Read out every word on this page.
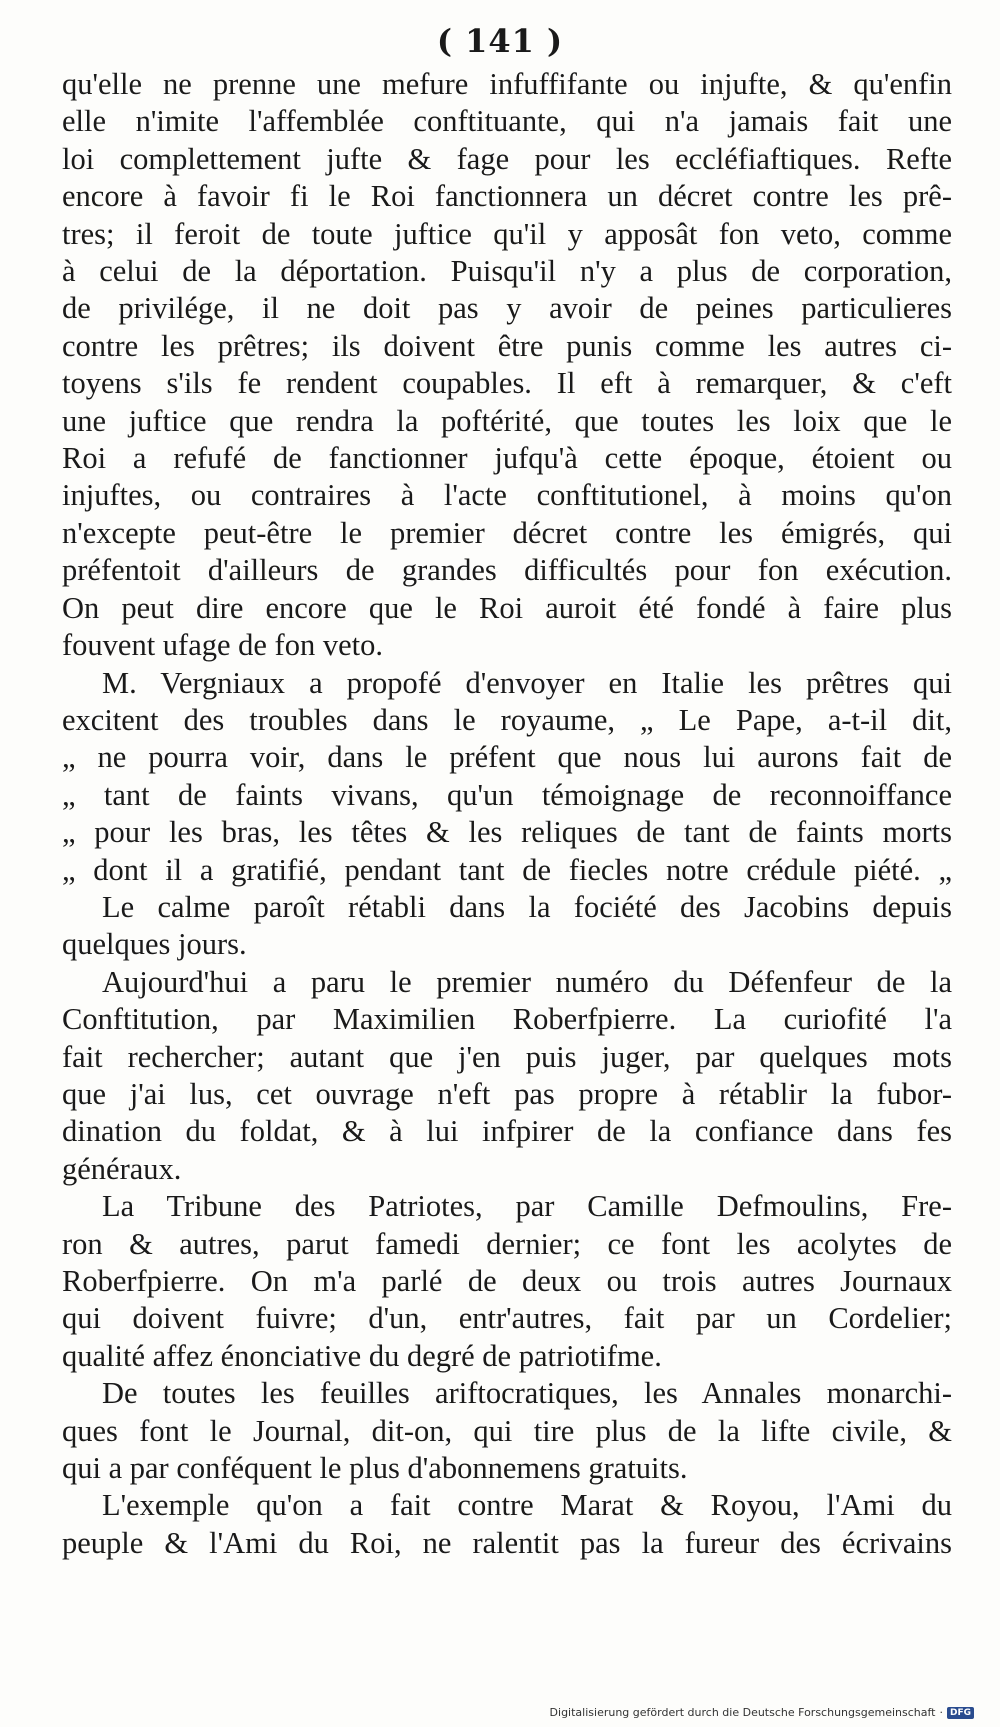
( 141 )
qu'elle ne prenne une mefure infuffifante ou injufte, & qu'enfin
elle n'imite l'affemblée conftituante, qui n'a jamais fait une
loi complettement jufte & fage pour les eccléfiaftiques. Refte
encore à favoir fi le Roi fanctionnera un décret contre les prê-
tres; il feroit de toute juftice qu'il y apposât fon veto, comme
à celui de la déportation. Puisqu'il n'y a plus de corporation,
de privilége, il ne doit pas y avoir de peines particulieres
contre les prêtres; ils doivent être punis comme les autres ci-
toyens s'ils fe rendent coupables. Il eft à remarquer, & c'eft
une juftice que rendra la poftérité, que toutes les loix que le
Roi a refufé de fanctionner jufqu'à cette époque, étoient ou
injuftes, ou contraires à l'acte conftitutionel, à moins qu'on
n'excepte peut-être le premier décret contre les émigrés, qui
préfentoit d'ailleurs de grandes difficultés pour fon exécution.
On peut dire encore que le Roi auroit été fondé à faire plus
fouvent ufage de fon veto.
M. Vergniaux a propofé d'envoyer en Italie les prêtres qui
excitent des troubles dans le royaume, „ Le Pape, a-t-il dit,
„ ne pourra voir, dans le préfent que nous lui aurons fait de
„ tant de faints vivans, qu'un témoignage de reconnoiffance
„ pour les bras, les têtes & les reliques de tant de faints morts
„ dont il a gratifié, pendant tant de fiecles notre crédule piété. „
Le calme paroît rétabli dans la fociété des Jacobins depuis
quelques jours.
Aujourd'hui a paru le premier numéro du Défenfeur de la
Conftitution, par Maximilien Roberfpierre. La curiofité l'a
fait rechercher; autant que j'en puis juger, par quelques mots
que j'ai lus, cet ouvrage n'eft pas propre à rétablir la fubor-
dination du foldat, & à lui infpirer de la confiance dans fes
généraux.
La Tribune des Patriotes, par Camille Defmoulins, Fre-
ron & autres, parut famedi dernier; ce font les acolytes de
Roberfpierre. On m'a parlé de deux ou trois autres Journaux
qui doivent fuivre; d'un, entr'autres, fait par un Cordelier;
qualité affez énonciative du degré de patriotifme.
De toutes les feuilles ariftocratiques, les Annales monarchi-
ques font le Journal, dit-on, qui tire plus de la lifte civile, &
qui a par conféquent le plus d'abonnemens gratuits.
L'exemple qu'on a fait contre Marat & Royou, l'Ami du
peuple & l'Ami du Roi, ne ralentit pas la fureur des écrivains
Digitalisierung gefördert durch die Deutsche Forschungsgemeinschaft · DFG
